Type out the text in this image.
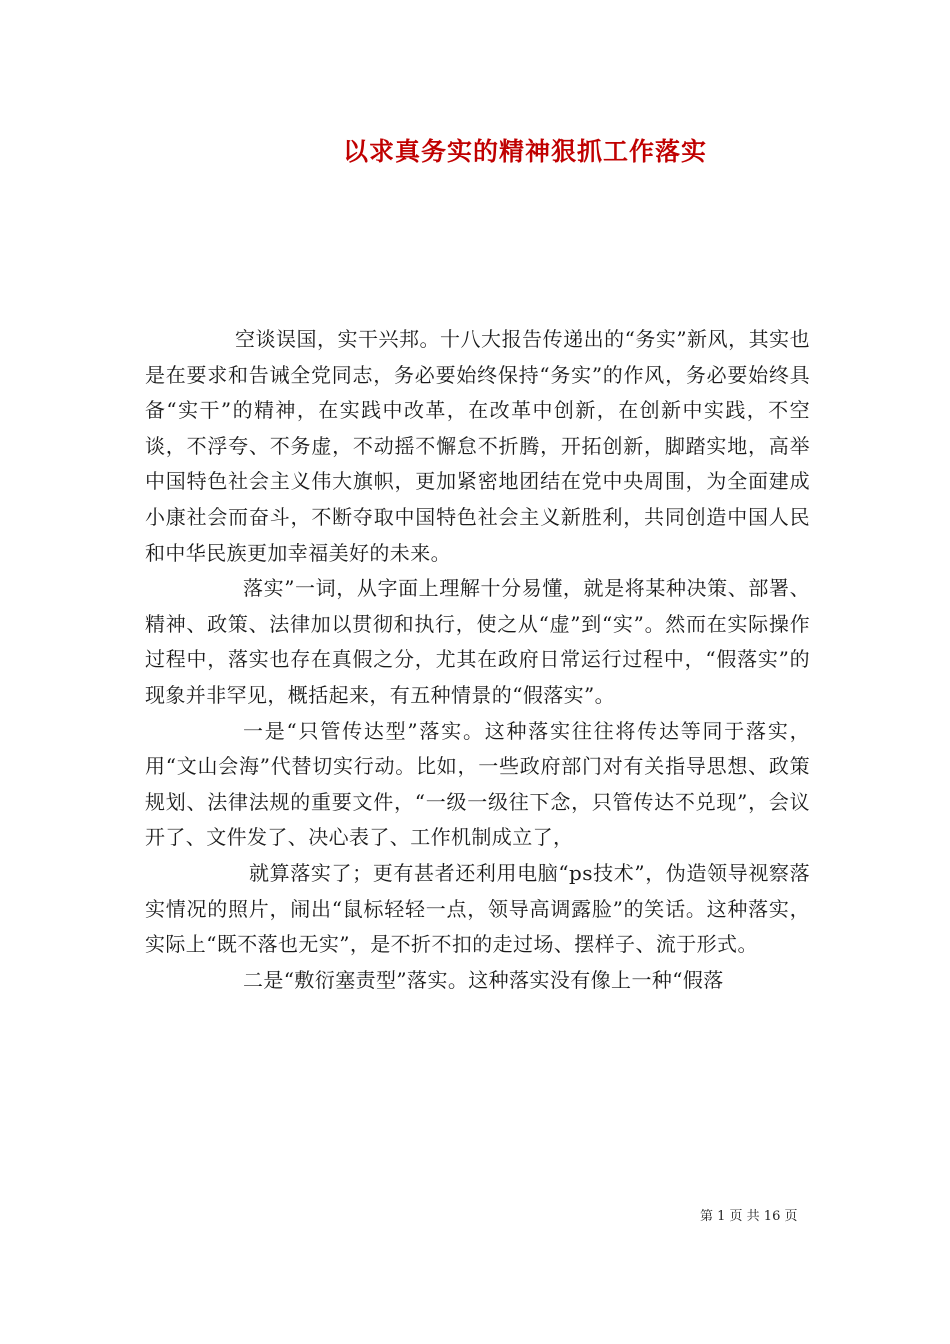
以求真务实的精神狠抓工作落实

空谈误国，实干兴邦。十八大报告传递出的“务实”新风，其实也是在要求和告诫全党同志，务必要始终保持“务实”的作风，务必要始终具备“实干”的精神，在实践中改革，在改革中创新，在创新中实践，不空谈，不浮夸、不务虚，不动摇不懈怠不折腾，开拓创新，脚踏实地，高举中国特色社会主义伟大旗帜，更加紧密地团结在党中央周围，为全面建成小康社会而奋斗，不断夺取中国特色社会主义新胜利，共同创造中国人民和中华民族更加幸福美好的未来。

落实”一词，从字面上理解十分易懂，就是将某种决策、部署、精神、政策、法律加以贯彻和执行，使之从“虚”到“实”。然而在实际操作过程中，落实也存在真假之分，尤其在政府日常运行过程中，“假落实”的现象并非罕见，概括起来，有五种情景的“假落实”。

一是“只管传达型”落实。这种落实往往将传达等同于落实，用“文山会海”代替切实行动。比如，一些政府部门对有关指导思想、政策规划、法律法规的重要文件，“一级一级往下念，只管传达不兑现”，会议开了、文件发了、决心表了、工作机制成立了，

就算落实了；更有甚者还利用电脑“ps技术”，伪造领导视察落实情况的照片，闹出“鼠标轻轻一点，领导高调露脸”的笑话。这种落实，实际上“既不落也无实”，是不折不扣的走过场、摆样子、流于形式。

二是“敷衍塞责型”落实。这种落实没有像上一种“假落

第 1 页 共 16 页
